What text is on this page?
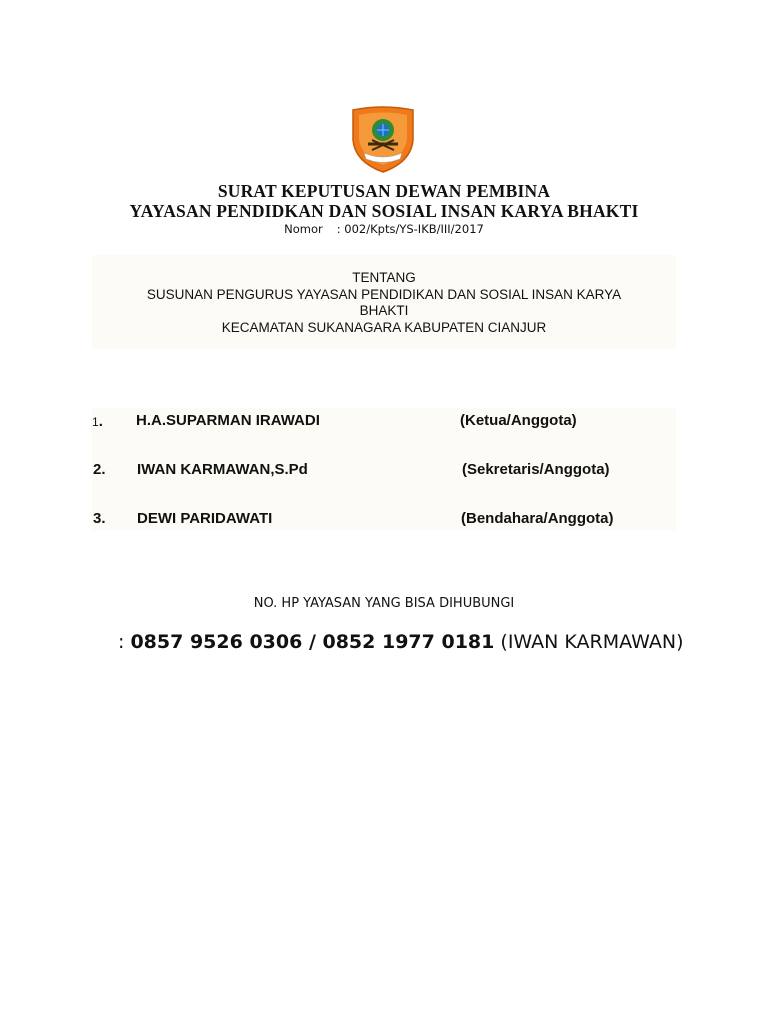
SURAT KEPUTUSAN DEWAN PEMBINA
YAYASAN PENDIDKAN DAN SOSIAL INSAN KARYA BHAKTI
Nomor : 002/Kpts/YS-IKB/III/2017
TENTANG
SUSUNAN PENGURUS YAYASAN PENDIDIKAN DAN SOSIAL INSAN KARYA
BHAKTI
KECAMATAN SUKANAGARA KABUPATEN CIANJUR
1. H.A.SUPARMAN IRAWADI	(Ketua/Anggota)
2. IWAN KARMAWAN,S.Pd	(Sekretaris/Anggota)
3. DEWI PARIDAWATI	(Bendahara/Anggota)
NO. HP YAYASAN YANG BISA DIHUBUNGI
: 0857 9526 0306 / 0852 1977 0181 (IWAN KARMAWAN)
